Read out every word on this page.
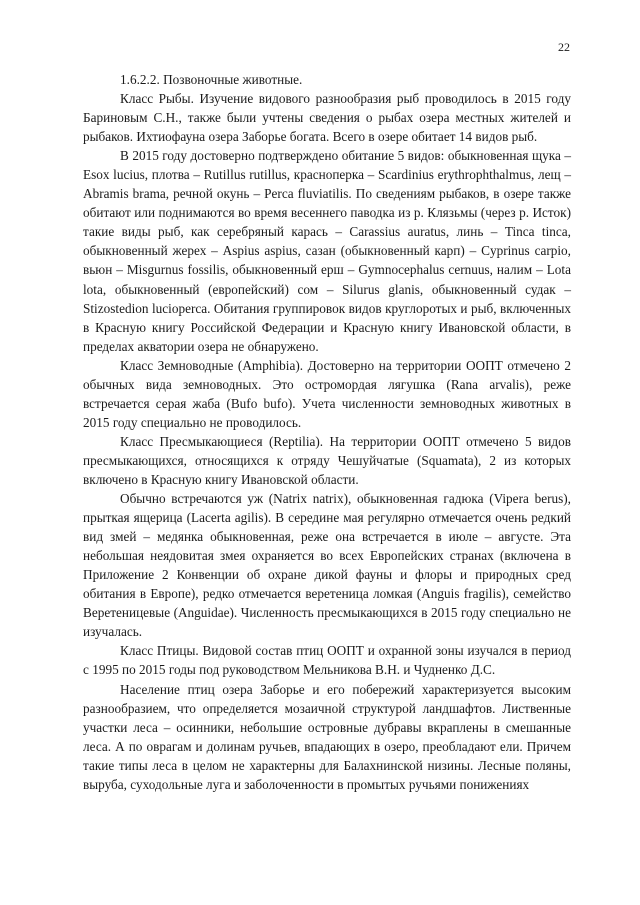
22

1.6.2.2. Позвоночные животные.

Класс Рыбы. Изучение видового разнообразия рыб проводилось в 2015 году Бариновым С.Н., также были учтены сведения о рыбах озера местных жителей и рыбаков. Ихтиофауна озера Заборье богата. Всего в озере обитает 14 видов рыб.

В 2015 году достоверно подтверждено обитание 5 видов: обыкновенная щука – Esox lucius, плотва – Rutillus rutillus, красноперка – Scardinius erythrophthalmus, лещ – Abramis brama, речной окунь – Perca fluviatilis. По сведениям рыбаков, в озере также обитают или поднимаются во время весеннего паводка из р. Клязьмы (через р. Исток) такие виды рыб, как серебряный карась – Carassius auratus, линь – Tinca tinca, обыкновенный жерех – Aspius aspius, сазан (обыкновенный карп) – Cyprinus carpio, вьюн – Misgurnus fossilis, обыкновенный ерш – Gymnocephalus cernuus, налим – Lota lota, обыкновенный (европейский) сом – Silurus glanis, обыкновенный судак – Stizostedion lucioperca. Обитания группировок видов круглоротых и рыб, включенных в Красную книгу Российской Федерации и Красную книгу Ивановской области, в пределах акватории озера не обнаружено.

Класс Земноводные (Amphibia). Достоверно на территории ООПТ отмечено 2 обычных вида земноводных. Это остромордая лягушка (Rana arvalis), реже встречается серая жаба (Bufo bufo). Учета численности земноводных животных в 2015 году специально не проводилось.

Класс Пресмыкающиеся (Reptilia). На территории ООПТ отмечено 5 видов пресмыкающихся, относящихся к отряду Чешуйчатые (Squamata), 2 из которых включено в Красную книгу Ивановской области.

Обычно встречаются уж (Natrix natrix), обыкновенная гадюка (Vipera berus), прыткая ящерица (Lacerta agilis). В середине мая регулярно отмечается очень редкий вид змей – медянка обыкновенная, реже она встречается в июле – августе. Эта небольшая неядовитая змея охраняется во всех Европейских странах (включена в Приложение 2 Конвенции об охране дикой фауны и флоры и природных сред обитания в Европе), редко отмечается веретеница ломкая (Anguis fragilis), семейство Веретеницевые (Anguidae). Численность пресмыкающихся в 2015 году специально не изучалась.

Класс Птицы. Видовой состав птиц ООПТ и охранной зоны изучался в период с 1995 по 2015 годы под руководством Мельникова В.Н. и Чудненко Д.С.

Население птиц озера Заборье и его побережий характеризуется высоким разнообразием, что определяется мозаичной структурой ландшафтов. Лиственные участки леса – осинники, небольшие островные дубравы вкраплены в смешанные леса. А по оврагам и долинам ручьев, впадающих в озеро, преобладают ели. Причем такие типы леса в целом не характерны для Балахнинской низины. Лесные поляны, выруба, суходольные луга и заболоченности в промытых ручьями понижениях
